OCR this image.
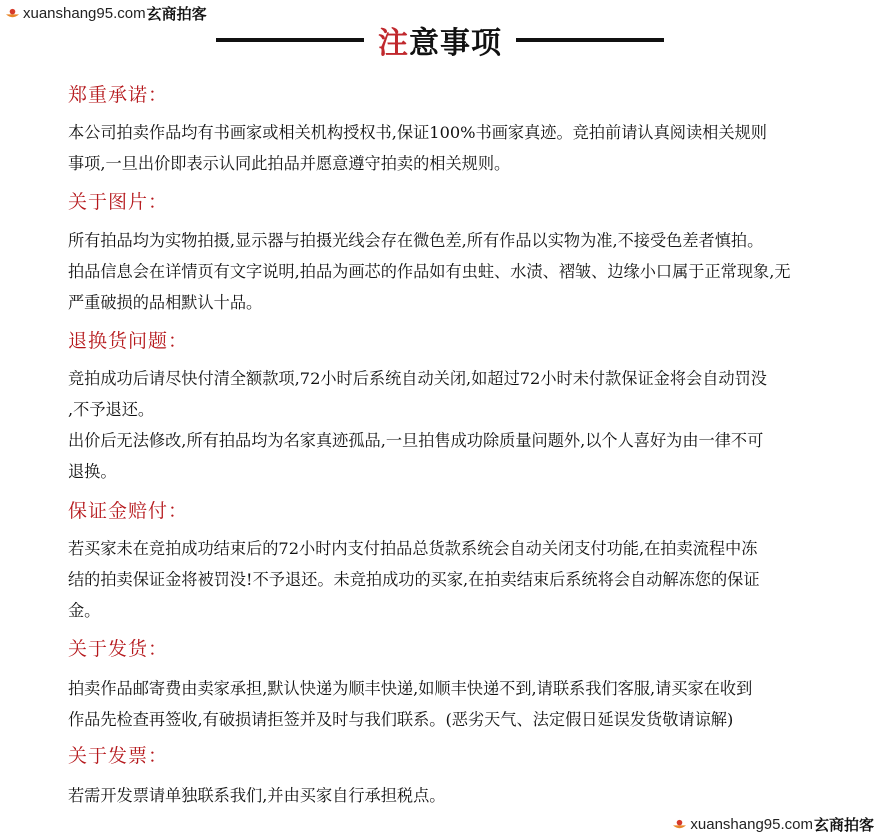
xuanshang95.com 玄商拍客
注意事项
郑重承诺：
本公司拍卖作品均有书画家或相关机构授权书,保证100%书画家真迹。竞拍前请认真阅读相关规则
事项,一旦出价即表示认同此拍品并愿意遵守拍卖的相关规则。
关于图片：
所有拍品均为实物拍摄,显示器与拍摄光线会存在微色差,所有作品以实物为准,不接受色差者慎拍。
拍品信息会在详情页有文字说明,拍品为画芯的作品如有虫蛀、水渍、褶皱、边缘小口属于正常现象,无
严重破损的品相默认十品。
退换货问题：
竞拍成功后请尽快付清全额款项,72小时后系统自动关闭,如超过72小时未付款保证金将会自动罚没
,不予退还。
出价后无法修改,所有拍品均为名家真迹孤品,一旦拍售成功除质量问题外,以个人喜好为由一律不可
退换。
保证金赔付：
若买家未在竞拍成功结束后的72小时内支付拍品总货款系统会自动关闭支付功能,在拍卖流程中冻
结的拍卖保证金将被罚没!不予退还。未竞拍成功的买家,在拍卖结束后系统将会自动解冻您的保证
金。
关于发货：
拍卖作品邮寄费由卖家承担,默认快递为顺丰快递,如顺丰快递不到,请联系我们客服,请买家在收到
作品先检查再签收,有破损请拒签并及时与我们联系。(恶劣天气、法定假日延误发货敬请谅解)
关于发票：
若需开发票请单独联系我们,并由买家自行承担税点。
xuanshang95.com 玄商拍客
